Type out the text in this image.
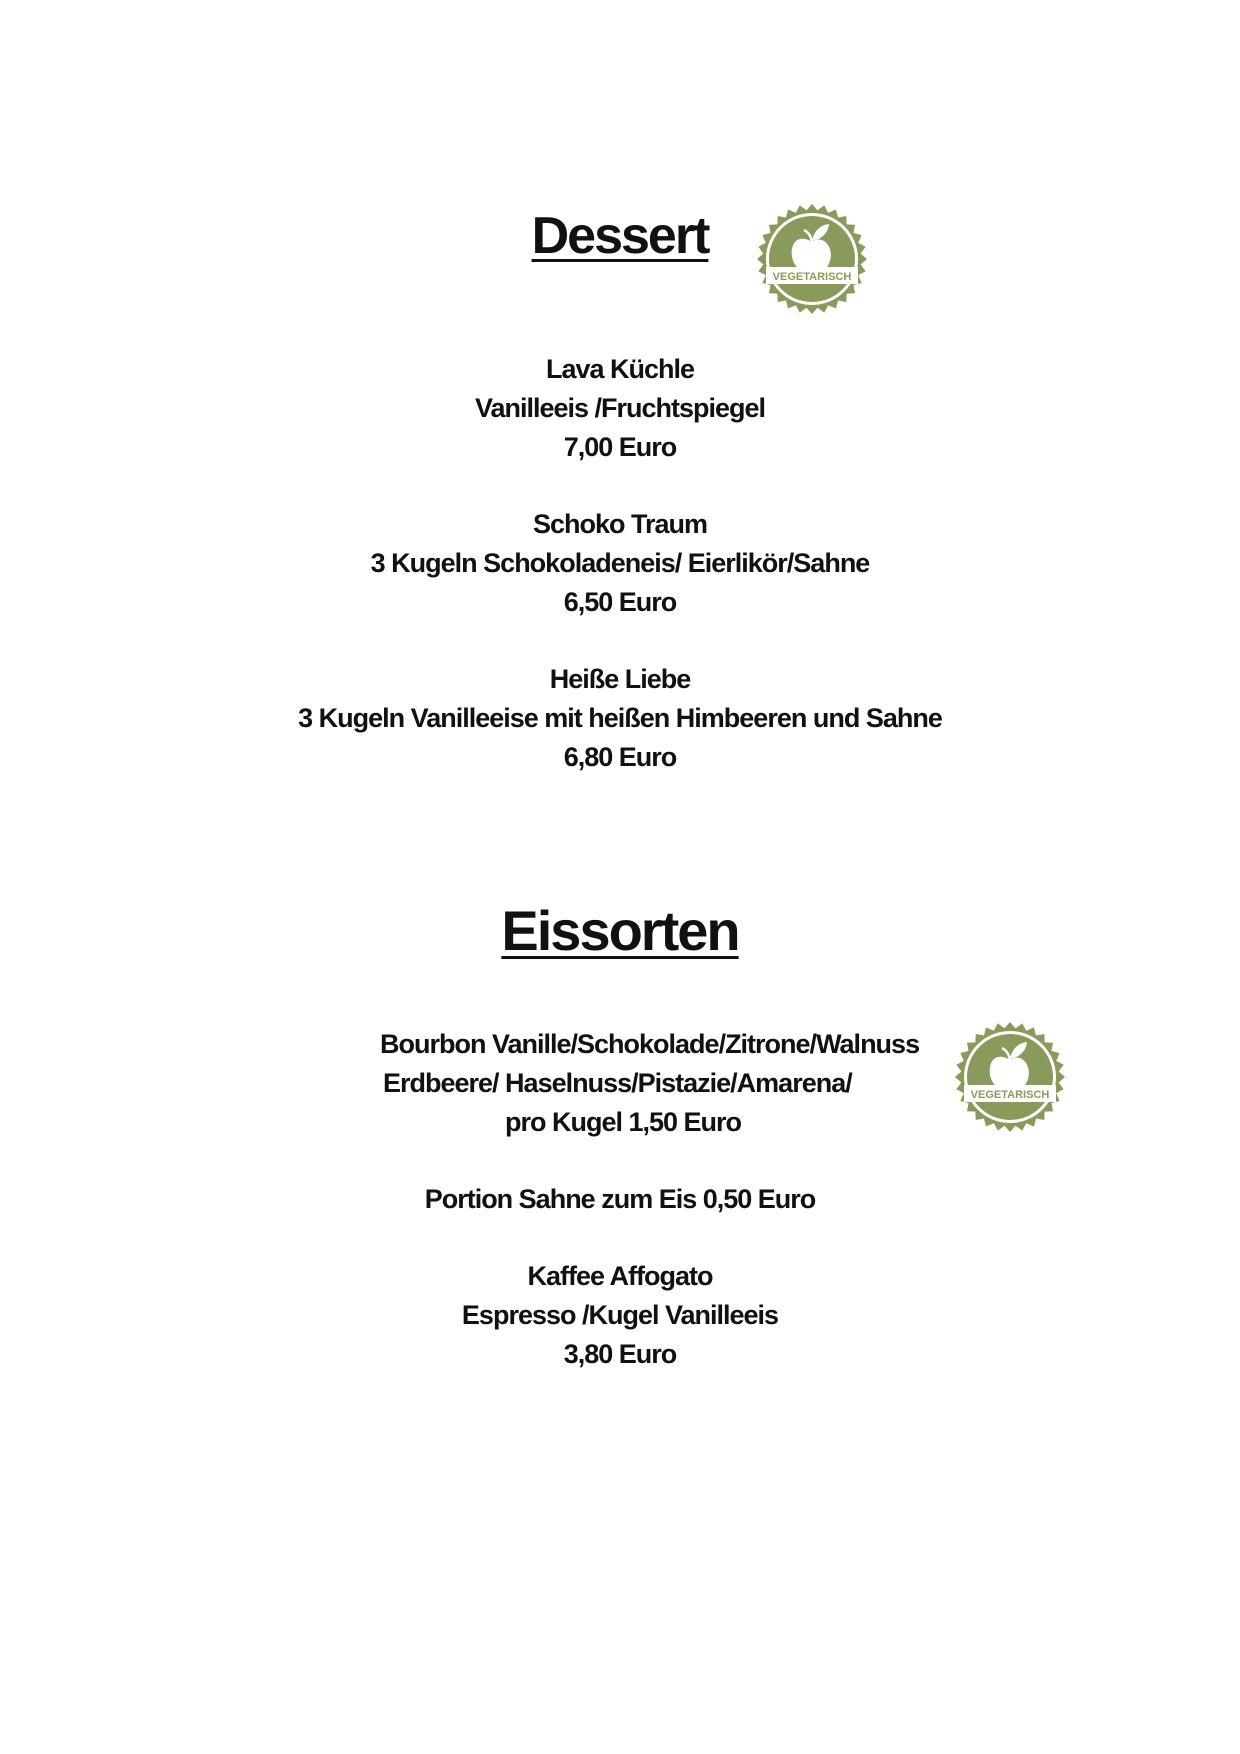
Dessert
VEGETARISCH
Lava Küchle
Vanilleeis /Fruchtspiegel
7,00 Euro
Schoko Traum
3 Kugeln Schokoladeneis/ Eierlikör/Sahne
6,50 Euro
Heiße Liebe
3 Kugeln Vanilleeise mit heißen Himbeeren und Sahne
6,80 Euro
Eissorten
Bourbon Vanille/Schokolade/Zitrone/Walnuss
Erdbeere/ Haselnuss/Pistazie/Amarena/
pro Kugel 1,50 Euro
VEGETARISCH
Portion Sahne zum Eis 0,50 Euro
Kaffee Affogato
Espresso /Kugel Vanilleeis
3,80 Euro
